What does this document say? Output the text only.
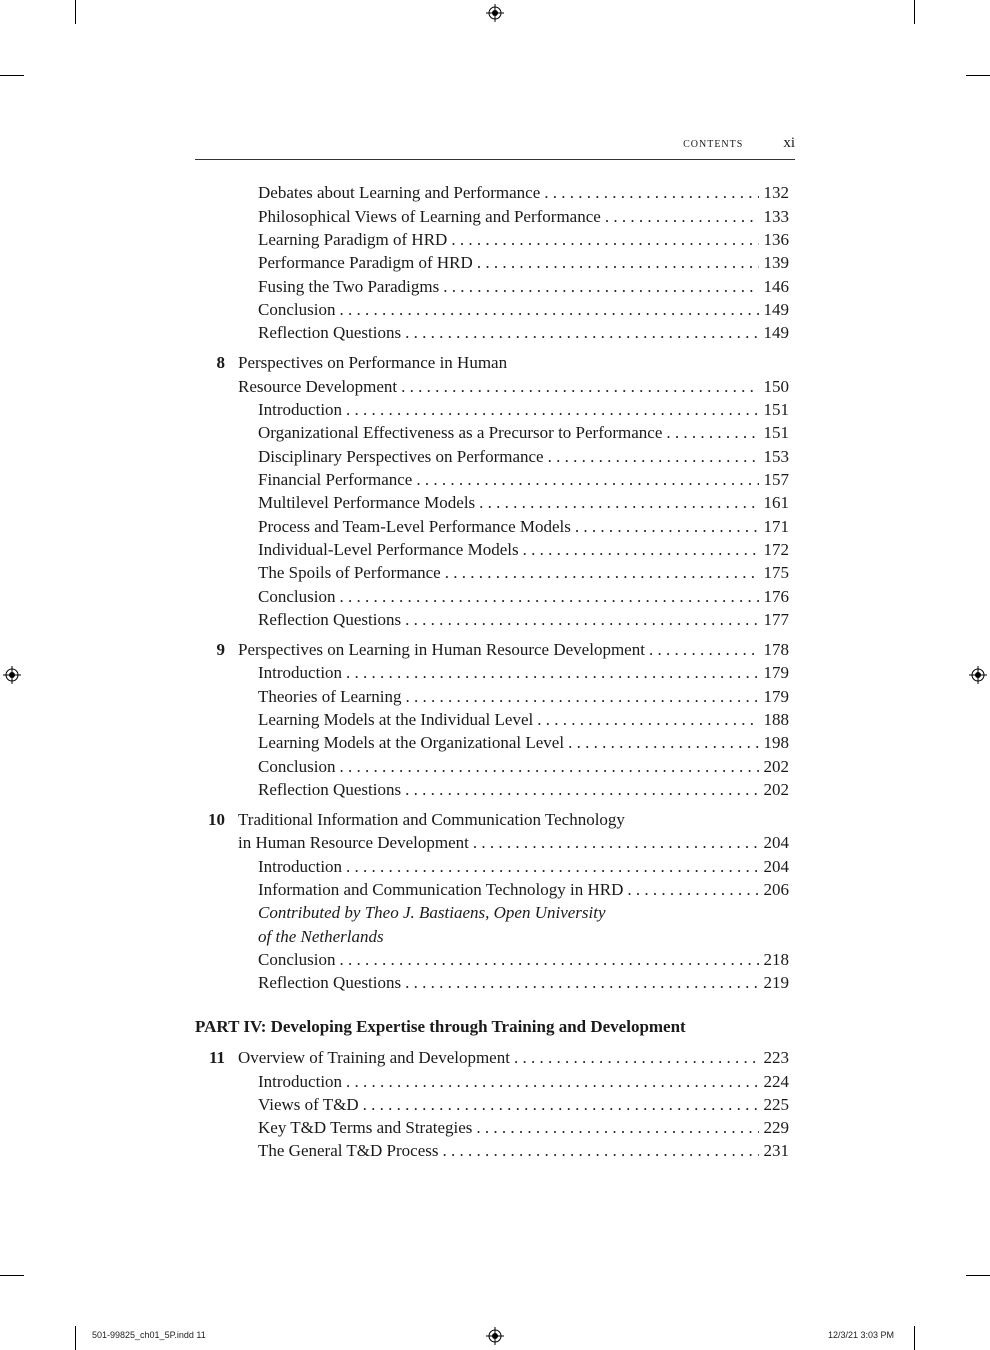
contents	xi
Debates about Learning and Performance . . .	132
Philosophical Views of Learning and Performance . . .	133
Learning Paradigm of HRD . . .	136
Performance Paradigm of HRD . . .	139
Fusing the Two Paradigms . . .	146
Conclusion . . .	149
Reflection Questions . . .	149
8 Perspectives on Performance in Human
Resource Development . . .	150
Introduction . . .	151
Organizational Effectiveness as a Precursor to Performance . . .	151
Disciplinary Perspectives on Performance . . .	153
Financial Performance . . .	157
Multilevel Performance Models . . .	161
Process and Team-Level Performance Models . . .	171
Individual-Level Performance Models . . .	172
The Spoils of Performance . . .	175
Conclusion . . .	176
Reflection Questions . . .	177
9 Perspectives on Learning in Human Resource Development . . .	178
Introduction . . .	179
Theories of Learning . . .	179
Learning Models at the Individual Level . . .	188
Learning Models at the Organizational Level . . .	198
Conclusion . . .	202
Reflection Questions . . .	202
10 Traditional Information and Communication Technology
in Human Resource Development . . .	204
Introduction . . .	204
Information and Communication Technology in HRD . . .	206
Contributed by Theo J. Bastiaens, Open University
of the Netherlands
Conclusion . . .	218
Reflection Questions . . .	219
PART IV: Developing Expertise through Training and Development
11 Overview of Training and Development . . .	223
Introduction . . .	224
Views of T&D . . .	225
Key T&D Terms and Strategies . . .	229
The General T&D Process . . .	231
501-99825_ch01_5P.indd 11	12/3/21 3:03 PM
